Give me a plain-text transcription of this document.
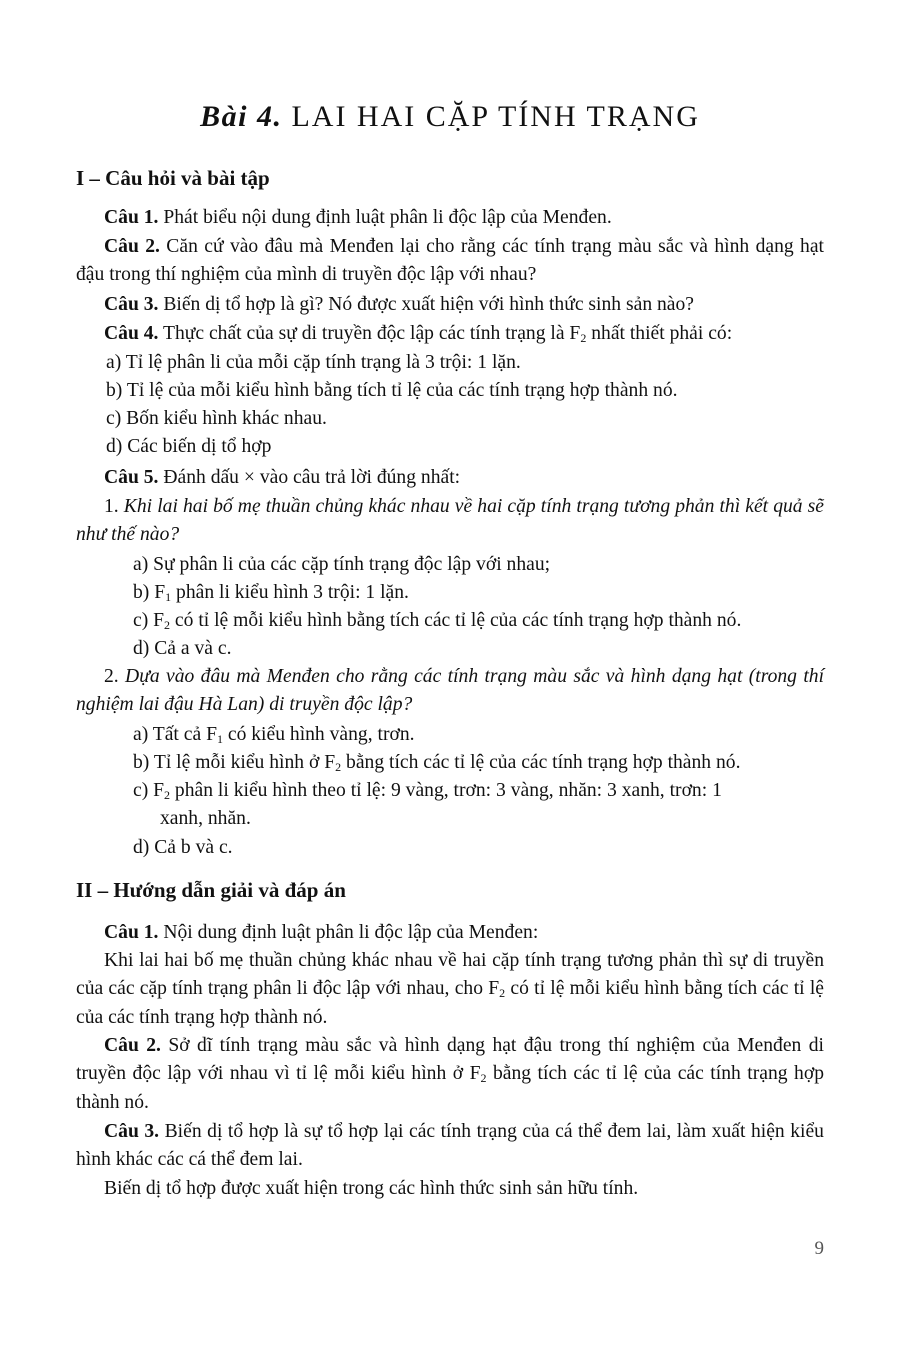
Bài 4. LAI HAI CẶP TÍNH TRẠNG
I – Câu hỏi và bài tập
Câu 1. Phát biểu nội dung định luật phân li độc lập của Menđen.
Câu 2. Căn cứ vào đâu mà Menđen lại cho rằng các tính trạng màu sắc và hình dạng hạt đậu trong thí nghiệm của mình di truyền độc lập với nhau?
Câu 3. Biến dị tổ hợp là gì? Nó được xuất hiện với hình thức sinh sản nào?
Câu 4. Thực chất của sự di truyền độc lập các tính trạng là $F_2$ nhất thiết phải có:
a) Tỉ lệ phân li của mỗi cặp tính trạng là 3 trội: 1 lặn.
b) Tỉ lệ của mỗi kiểu hình bằng tích tỉ lệ của các tính trạng hợp thành nó.
c) Bốn kiểu hình khác nhau.
d) Các biến dị tổ hợp
Câu 5. Đánh dấu × vào câu trả lời đúng nhất:
1. Khi lai hai bố mẹ thuần chủng khác nhau về hai cặp tính trạng tương phản thì kết quả sẽ như thế nào?
a) Sự phân li của các cặp tính trạng độc lập với nhau;
b) $F_1$ phân li kiểu hình 3 trội: 1 lặn.
c) $F_2$ có tỉ lệ mỗi kiểu hình bằng tích các tỉ lệ của các tính trạng hợp thành nó.
d) Cả a và c.
2. Dựa vào đâu mà Menđen cho rằng các tính trạng màu sắc và hình dạng hạt (trong thí nghiệm lai đậu Hà Lan) di truyền độc lập?
a) Tất cả $F_1$ có kiểu hình vàng, trơn.
b) Tỉ lệ mỗi kiểu hình ở $F_2$ bằng tích các tỉ lệ của các tính trạng hợp thành nó.
c) $F_2$ phân li kiểu hình theo tỉ lệ: 9 vàng, trơn: 3 vàng, nhăn: 3 xanh, trơn: 1
xanh, nhăn.
d) Cả b và c.
II – Hướng dẫn giải và đáp án
Câu 1. Nội dung định luật phân li độc lập của Menđen:
Khi lai hai bố mẹ thuần chủng khác nhau về hai cặp tính trạng tương phản thì sự di truyền của các cặp tính trạng phân li độc lập với nhau, cho $F_2$ có tỉ lệ mỗi kiểu hình bằng tích các tỉ lệ của các tính trạng hợp thành nó.
Câu 2. Sở dĩ tính trạng màu sắc và hình dạng hạt đậu trong thí nghiệm của Menđen di truyền độc lập với nhau vì tỉ lệ mỗi kiểu hình ở $F_2$ bằng tích các tỉ lệ của các tính trạng hợp thành nó.
Câu 3. Biến dị tổ hợp là sự tổ hợp lại các tính trạng của cá thể đem lai, làm xuất hiện kiểu hình khác các cá thể đem lai.
Biến dị tổ hợp được xuất hiện trong các hình thức sinh sản hữu tính.
9
